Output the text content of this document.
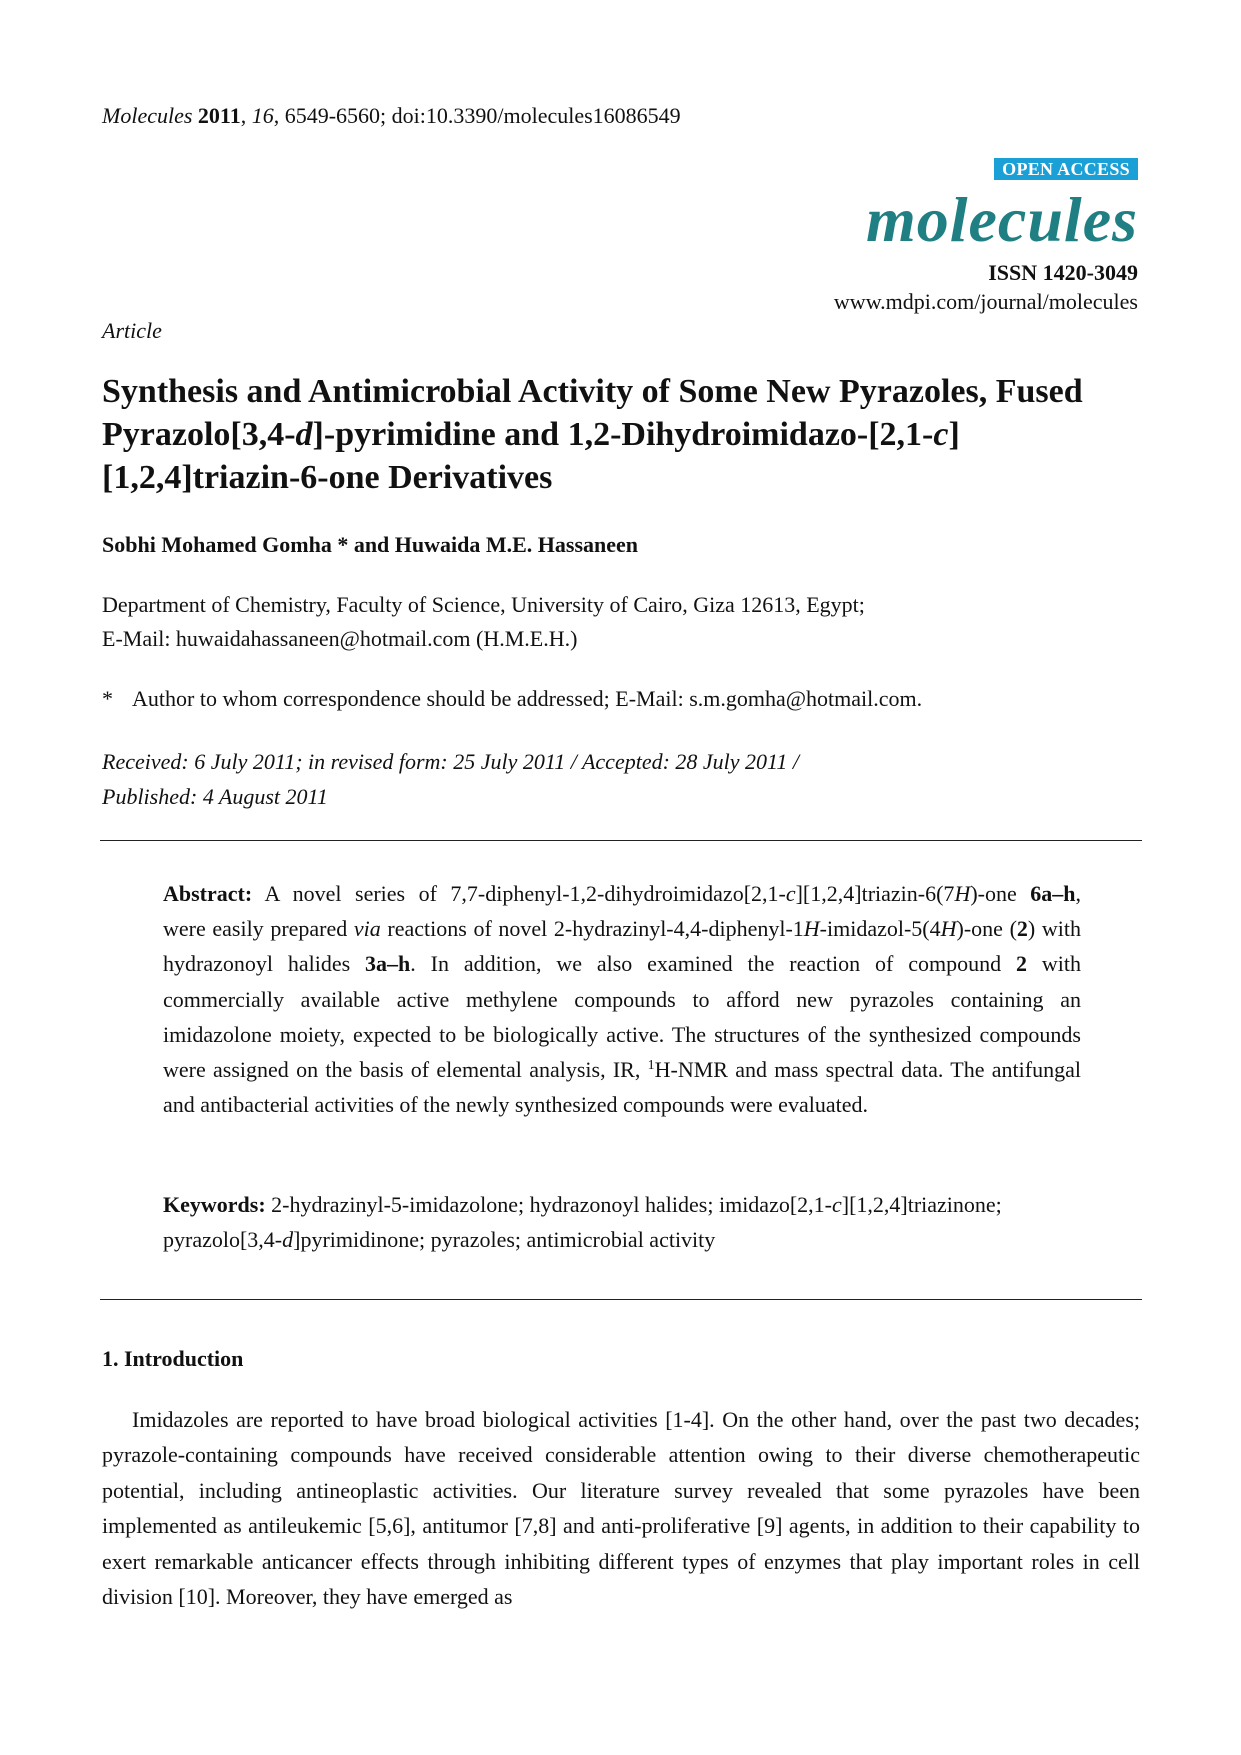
Molecules 2011, 16, 6549-6560; doi:10.3390/molecules16086549
OPEN ACCESS
molecules
ISSN 1420-3049
www.mdpi.com/journal/molecules
Article
Synthesis and Antimicrobial Activity of Some New Pyrazoles, Fused Pyrazolo[3,4-d]-pyrimidine and 1,2-Dihydroimidazo-[2,1-c][1,2,4]triazin-6-one Derivatives
Sobhi Mohamed Gomha * and Huwaida M.E. Hassaneen
Department of Chemistry, Faculty of Science, University of Cairo, Giza 12613, Egypt;
E-Mail: huwaidahassaneen@hotmail.com (H.M.E.H.)
* Author to whom correspondence should be addressed; E-Mail: s.m.gomha@hotmail.com.
Received: 6 July 2011; in revised form: 25 July 2011 / Accepted: 28 July 2011 /
Published: 4 August 2011

Abstract: A novel series of 7,7-diphenyl-1,2-dihydroimidazo[2,1-c][1,2,4]triazin-6(7H)-one 6a–h, were easily prepared via reactions of novel 2-hydrazinyl-4,4-diphenyl-1H-imidazol-5(4H)-one (2) with hydrazonoyl halides 3a–h. In addition, we also examined the reaction of compound 2 with commercially available active methylene compounds to afford new pyrazoles containing an imidazolone moiety, expected to be biologically active. The structures of the synthesized compounds were assigned on the basis of elemental analysis, IR, $^1$H-NMR and mass spectral data. The antifungal and antibacterial activities of the newly synthesized compounds were evaluated.

Keywords: 2-hydrazinyl-5-imidazolone; hydrazonoyl halides; imidazo[2,1-c][1,2,4]triazinone; pyrazolo[3,4-d]pyrimidinone; pyrazoles; antimicrobial activity

1. Introduction

Imidazoles are reported to have broad biological activities [1-4]. On the other hand, over the past two decades; pyrazole-containing compounds have received considerable attention owing to their diverse chemotherapeutic potential, including antineoplastic activities. Our literature survey revealed that some pyrazoles have been implemented as antileukemic [5,6], antitumor [7,8] and anti-proliferative [9] agents, in addition to their capability to exert remarkable anticancer effects through inhibiting different types of enzymes that play important roles in cell division [10]. Moreover, they have emerged as
